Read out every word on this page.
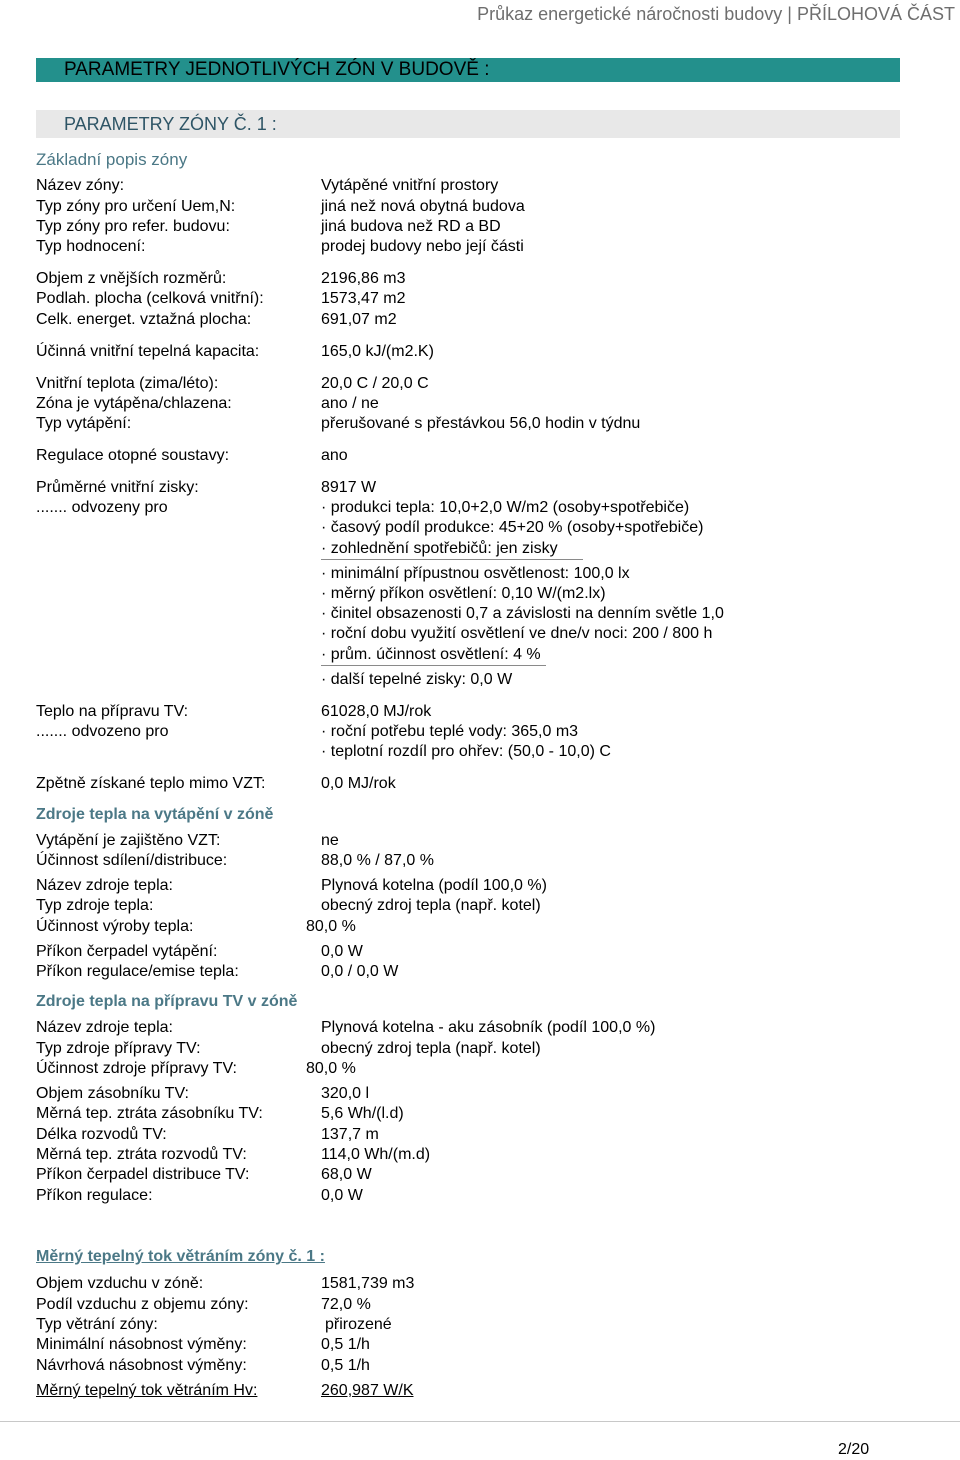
Průkaz energetické náročnosti budovy | PŘÍLOHOVÁ ČÁST
PARAMETRY JEDNOTLIVÝCH ZÓN V BUDOVĚ :
PARAMETRY ZÓNY Č. 1 :
Základní popis zóny
Název zóny:	Vytápěné vnitřní prostory
Typ zóny pro určení Uem,N:	jiná než nová obytná budova
Typ zóny pro refer. budovu:	jiná budova než RD a BD
Typ hodnocení:	prodej budovy nebo její části
Objem z vnějších rozměrů:	2196,86 m3
Podlah. plocha (celková vnitřní):	1573,47 m2
Celk. energet. vztažná plocha:	691,07 m2
Účinná vnitřní tepelná kapacita:	165,0 kJ/(m2.K)
Vnitřní teplota (zima/léto):	20,0 C / 20,0 C
Zóna je vytápěna/chlazena:	ano / ne
Typ vytápění:	přerušované s přestávkou 56,0 hodin v týdnu
Regulace otopné soustavy:	ano
Průměrné vnitřní zisky:	8917 W
....... odvozeny pro	· produkci tepla: 10,0+2,0 W/m2 (osoby+spotřebiče)
· časový podíl produkce: 45+20 % (osoby+spotřebiče)
· zohlednění spotřebičů: jen zisky
· minimální přípustnou osvětlenost: 100,0 lx
· měrný příkon osvětlení: 0,10 W/(m2.lx)
· činitel obsazenosti 0,7 a závislosti na denním světle 1,0
· roční dobu využití osvětlení ve dne/v noci: 200 / 800 h
· prům. účinnost osvětlení: 4 %
· další tepelné zisky: 0,0 W
Teplo na přípravu TV:	61028,0 MJ/rok
....... odvozeno pro	· roční potřebu teplé vody: 365,0 m3
· teplotní rozdíl pro ohřev: (50,0 - 10,0) C
Zpětně získané teplo mimo VZT:	0,0 MJ/rok
Zdroje tepla na vytápění v zóně
Vytápění je zajištěno VZT:	ne
Účinnost sdílení/distribuce:	88,0 % / 87,0 %
Název zdroje tepla:	Plynová kotelna (podíl 100,0 %)
Typ zdroje tepla:	obecný zdroj tepla (např. kotel)
Účinnost výroby tepla:	80,0 %
Příkon čerpadel vytápění:	0,0 W
Příkon regulace/emise tepla:	0,0 / 0,0 W
Zdroje tepla na přípravu TV v zóně
Název zdroje tepla:	Plynová kotelna - aku zásobník (podíl 100,0 %)
Typ zdroje přípravy TV:	obecný zdroj tepla (např. kotel)
Účinnost zdroje přípravy TV:	80,0 %
Objem zásobníku TV:	320,0 l
Měrná tep. ztráta zásobníku TV:	5,6 Wh/(l.d)
Délka rozvodů TV:	137,7 m
Měrná tep. ztráta rozvodů TV:	114,0 Wh/(m.d)
Příkon čerpadel distribuce TV:	68,0 W
Příkon regulace:	0,0 W
Měrný tepelný tok větráním zóny č. 1 :
Objem vzduchu v zóně:	1581,739 m3
Podíl vzduchu z objemu zóny:	72,0 %
Typ větrání zóny:	přirozené
Minimální násobnost výměny:	0,5 1/h
Návrhová násobnost výměny:	0,5 1/h
Měrný tepelný tok větráním Hv:	260,987 W/K
2/20
